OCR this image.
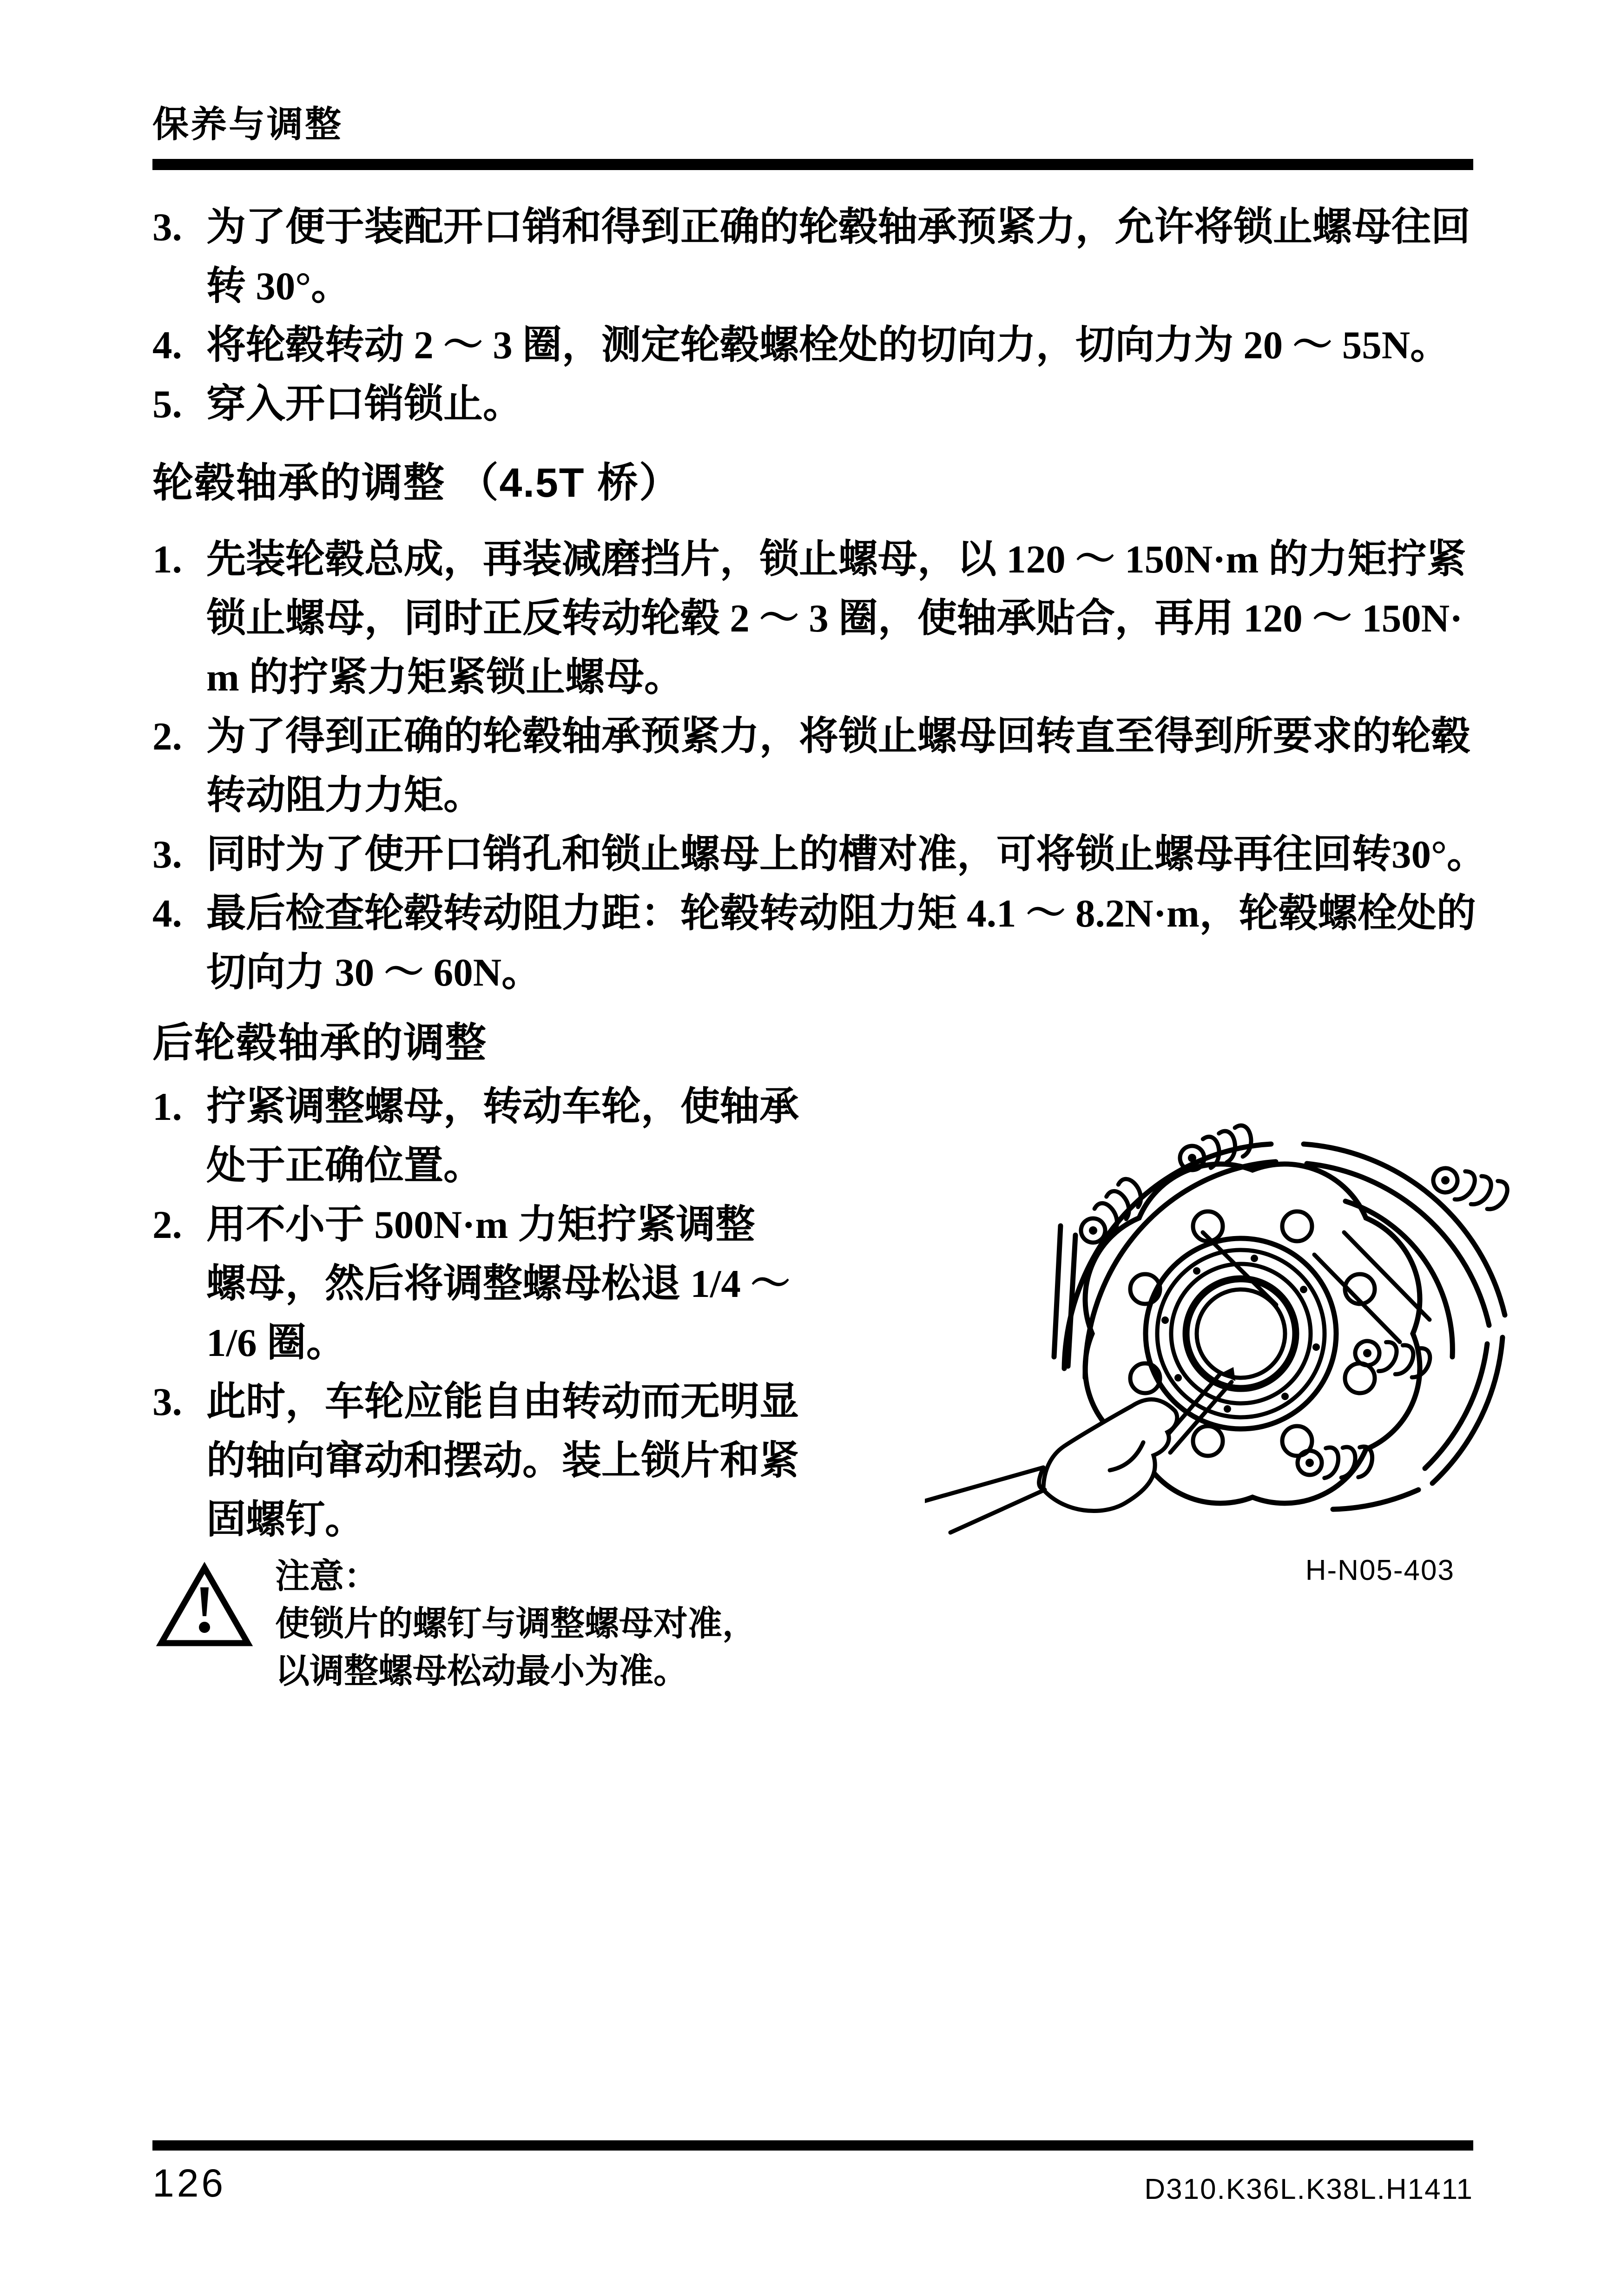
保养与调整
3. 为了便于装配开口销和得到正确的轮毂轴承预紧力，允许将锁止螺母往回
转 30°。
4. 将轮毂转动 2 ～ 3 圈，测定轮毂螺栓处的切向力，切向力为 20 ～ 55N。
5. 穿入开口销锁止。
轮毂轴承的调整 （4.5T 桥）
1. 先装轮毂总成，再装减磨挡片，锁止螺母，以 120 ～ 150N·m 的力矩拧紧
锁止螺母，同时正反转动轮毂 2 ～ 3 圈，使轴承贴合，再用 120 ～ 150N·
m 的拧紧力矩紧锁止螺母。
2. 为了得到正确的轮毂轴承预紧力，将锁止螺母回转直至得到所要求的轮毂
转动阻力力矩。
3. 同时为了使开口销孔和锁止螺母上的槽对准，可将锁止螺母再往回转30°。
4. 最后检查轮毂转动阻力距：轮毂转动阻力矩 4.1 ～ 8.2N·m，轮毂螺栓处的
切向力 30 ～ 60N。
后轮毂轴承的调整
1. 拧紧调整螺母，转动车轮，使轴承
处于正确位置。
2. 用不小于 500N·m 力矩拧紧调整
螺母，然后将调整螺母松退 1/4 ～
1/6 圈。
3. 此时，车轮应能自由转动而无明显
的轴向窜动和摆动。装上锁片和紧
固螺钉。
H-N05-403
注意：
使锁片的螺钉与调整螺母对准，
以调整螺母松动最小为准。
126	D310.K36L.K38L.H1411
